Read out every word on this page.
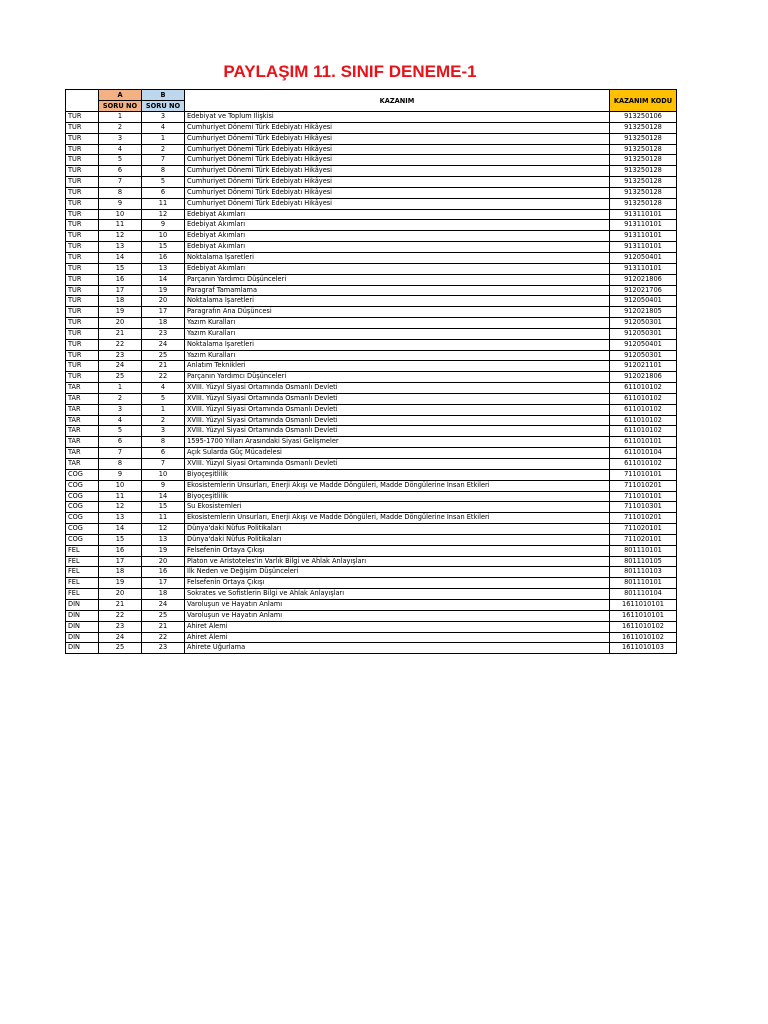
PAYLAŞIM 11. SINIF DENEME-1
	A	B	KAZANIM	KAZANIM KODU
	SORU NO	SORU NO		
TUR	1	3	Edebiyat ve Toplum İlişkisi	913250106
TUR	2	4	Cumhuriyet Dönemi Türk Edebiyatı Hikâyesi	913250128
TUR	3	1	Cumhuriyet Dönemi Türk Edebiyatı Hikâyesi	913250128
TUR	4	2	Cumhuriyet Dönemi Türk Edebiyatı Hikâyesi	913250128
TUR	5	7	Cumhuriyet Dönemi Türk Edebiyatı Hikâyesi	913250128
TUR	6	8	Cumhuriyet Dönemi Türk Edebiyatı Hikâyesi	913250128
TUR	7	5	Cumhuriyet Dönemi Türk Edebiyatı Hikâyesi	913250128
TUR	8	6	Cumhuriyet Dönemi Türk Edebiyatı Hikâyesi	913250128
TUR	9	11	Cumhuriyet Dönemi Türk Edebiyatı Hikâyesi	913250128
TUR	10	12	Edebiyat Akımları	913110101
TUR	11	9	Edebiyat Akımları	913110101
TUR	12	10	Edebiyat Akımları	913110101
TUR	13	15	Edebiyat Akımları	913110101
TUR	14	16	Noktalama İşaretleri	912050401
TUR	15	13	Edebiyat Akımları	913110101
TUR	16	14	Parçanın Yardımcı Düşünceleri	912021806
TUR	17	19	Paragraf Tamamlama	912021706
TUR	18	20	Noktalama İşaretleri	912050401
TUR	19	17	Paragrafın Ana Düşüncesi	912021805
TUR	20	18	Yazım Kuralları	912050301
TUR	21	23	Yazım Kuralları	912050301
TUR	22	24	Noktalama İşaretleri	912050401
TUR	23	25	Yazım Kuralları	912050301
TUR	24	21	Anlatım Teknikleri	912021101
TUR	25	22	Parçanın Yardımcı Düşünceleri	912021806
TAR	1	4	XVIII. Yüzyıl Siyasi Ortamında Osmanlı Devleti	611010102
TAR	2	5	XVIII. Yüzyıl Siyasi Ortamında Osmanlı Devleti	611010102
TAR	3	1	XVIII. Yüzyıl Siyasi Ortamında Osmanlı Devleti	611010102
TAR	4	2	XVIII. Yüzyıl Siyasi Ortamında Osmanlı Devleti	611010102
TAR	5	3	XVIII. Yüzyıl Siyasi Ortamında Osmanlı Devleti	611010102
TAR	6	8	1595-1700 Yılları Arasındaki Siyasi Gelişmeler	611010101
TAR	7	6	Açık Sularda Güç Mücadelesi	611010104
TAR	8	7	XVIII. Yüzyıl Siyasi Ortamında Osmanlı Devleti	611010102
COG	9	10	Biyoçeşitlilik	711010101
COG	10	9	Ekosistemlerin Unsurları, Enerji Akışı ve Madde Döngüleri, Madde Döngülerine İnsan Etkileri	711010201
COG	11	14	Biyoçeşitlilik	711010101
COG	12	15	Su Ekosistemleri	711010301
COG	13	11	Ekosistemlerin Unsurları, Enerji Akışı ve Madde Döngüleri, Madde Döngülerine İnsan Etkileri	711010201
COG	14	12	Dünya'daki Nüfus Politikaları	711020101
COG	15	13	Dünya'daki Nüfus Politikaları	711020101
FEL	16	19	Felsefenin Ortaya Çıkışı	801110101
FEL	17	20	Platon ve Aristoteles'in Varlık Bilgi ve Ahlak Anlayışları	801110105
FEL	18	16	İlk Neden ve Değişim Düşünceleri	801110103
FEL	19	17	Felsefenin Ortaya Çıkışı	801110101
FEL	20	18	Sokrates ve Sofistlerin Bilgi ve Ahlak Anlayışları	801110104
DİN	21	24	Varoluşun ve Hayatın Anlamı	1611010101
DİN	22	25	Varoluşun ve Hayatın Anlamı	1611010101
DİN	23	21	Ahiret Âlemi	1611010102
DİN	24	22	Ahiret Âlemi	1611010102
DİN	25	23	Ahirete Uğurlama	1611010103
